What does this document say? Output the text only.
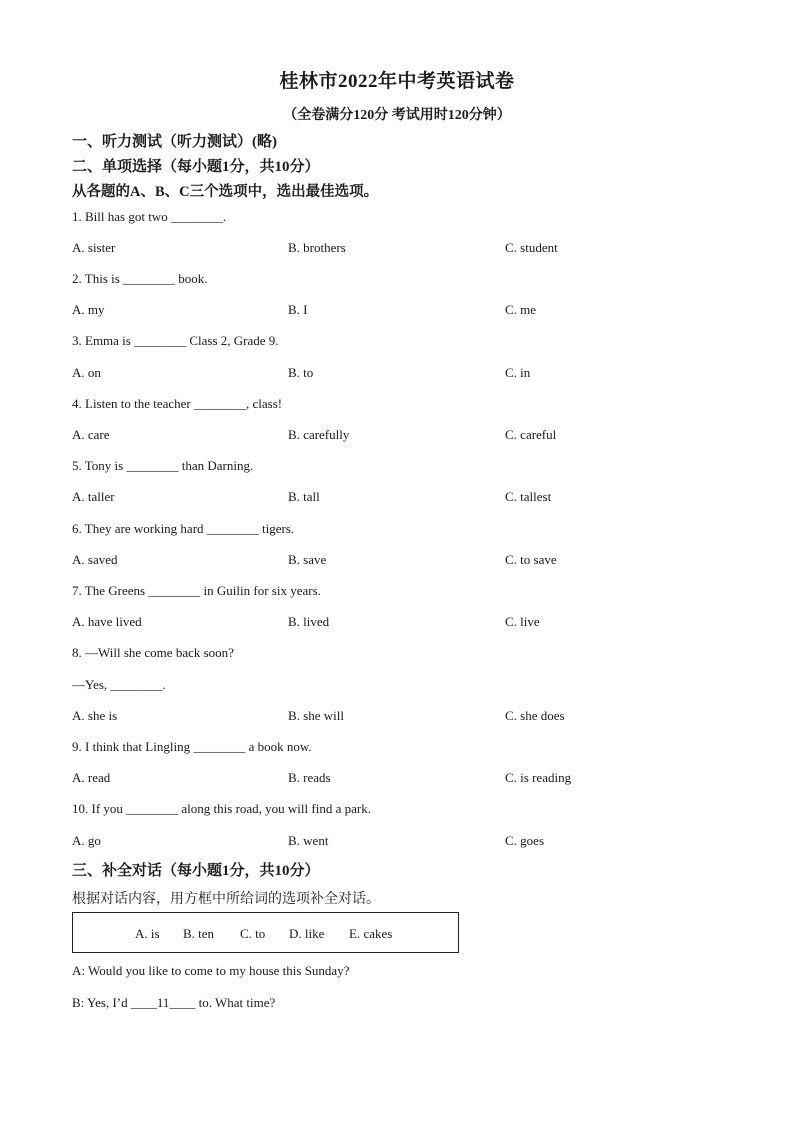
桂林市2022年中考英语试卷
（全卷满分120分 考试用时120分钟）
一、听力测试（听力测试）(略)
二、单项选择（每小题1分，共10分）
从各题的A、B、C三个选项中，选出最佳选项。
1. Bill has got two ________.
A. sister	B. brothers	C. student
2. This is ________ book.
A. my	B. I	C. me
3. Emma is ________ Class 2, Grade 9.
A. on	B. to	C. in
4. Listen to the teacher ________, class!
A. care	B. carefully	C. careful
5. Tony is ________ than Darning.
A. taller	B. tall	C. tallest
6. They are working hard ________ tigers.
A. saved	B. save	C. to save
7. The Greens ________ in Guilin for six years.
A. have lived	B. lived	C. live
8. —Will she come back soon?
—Yes, ________.
A. she is	B. she will	C. she does
9. I think that Lingling ________ a book now.
A. read	B. reads	C. is reading
10. If you ________ along this road, you will find a park.
A. go	B. went	C. goes
三、补全对话（每小题1分，共10分）
根据对话内容，用方框中所给词的选项补全对话。
A. is B. ten C. to D. like E. cakes
A: Would you like to come to my house this Sunday?
B: Yes, I’d ____11____ to. What time?
